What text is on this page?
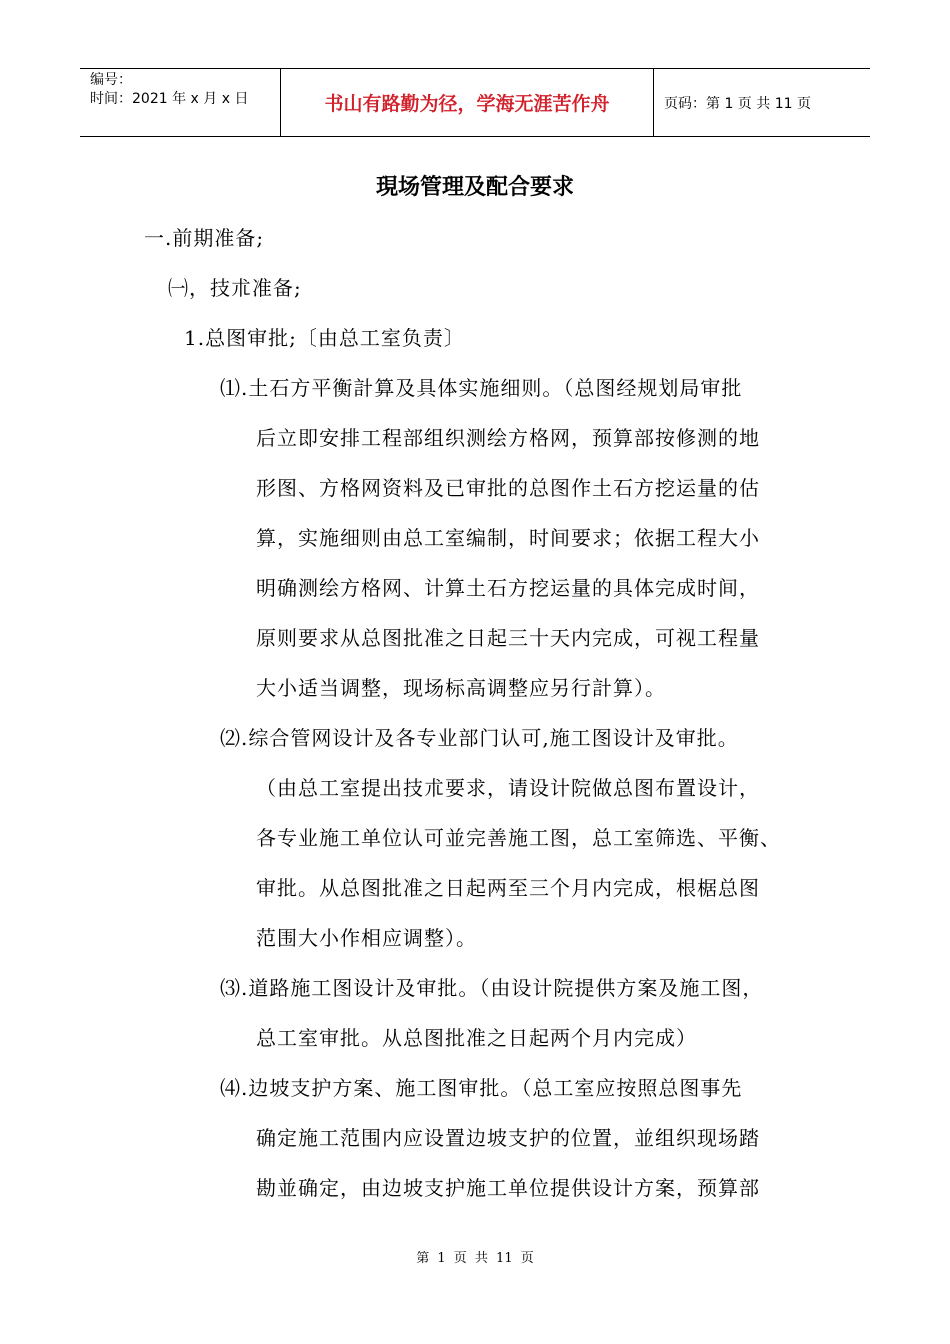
编号：
时间：2021 年 x 月 x 日	书山有路勤为径，学海无涯苦作舟	页码：第 1 页 共 11 页
現场管理及配合要求
一.前期准备;
㈠，技朮准备;
1.总图审批;〔由总工室负责〕
⑴.土石方平衡計算及具体实施细则。（总图经规划局审批
后立即安排工程部组织测绘方格网，预算部按修测的地
形图、方格网资料及已审批的总图作土石方挖运量的估
算，实施细则由总工室编制，时间要求；依据工程大小
明确测绘方格网、计算土石方挖运量的具体完成时间，
原则要求从总图批准之日起三十天内完成，可视工程量
大小适当调整，现场标高调整应另行計算）。
⑵.综合管网设计及各专业部门认可,施工图设计及审批。
（由总工室提出技朮要求，请设计院做总图布置设计，
各专业施工单位认可並完善施工图，总工室筛选、平衡、
审批。从总图批准之日起两至三个月内完成，根椐总图
范围大小作相应调整）。
⑶.道路施工图设计及审批。（由设计院提供方案及施工图，
总工室审批。从总图批准之日起两个月内完成）
⑷.边坡支护方案、施工图审批。（总工室应按照总图事先
确定施工范围内应设置边坡支护的位置，並组织现场踏
勘並确定，由边坡支护施工单位提供设计方案，预算部
第 1 页 共 11 页
